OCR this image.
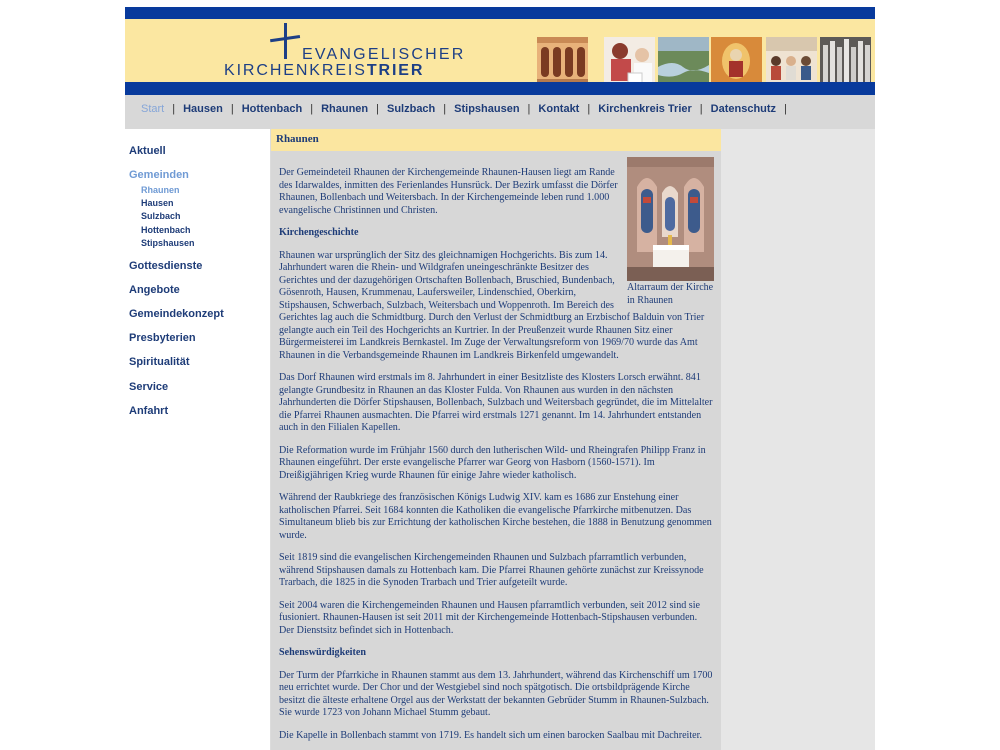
EVANGELISCHER
KIRCHENKREISTRIER
Start | Hausen | Hottenbach | Rhaunen | Sulzbach | Stipshausen | Kontakt | Kirchenkreis Trier | Datenschutz |
Aktuell
Gemeinden
Rhaunen
Hausen
Sulzbach
Hottenbach
Stipshausen
Gottesdienste
Angebote
Gemeindekonzept
Presbyterien
Spiritualität
Service
Anfahrt
Rhaunen
Altarraum der Kirche in Rhaunen

Der Gemeindeteil Rhaunen der Kirchengemeinde Rhaunen-Hausen liegt am Rande des Idarwaldes, inmitten des Ferienlandes Hunsrück. Der Bezirk umfasst die Dörfer Rhaunen, Bollenbach und Weitersbach. In der Kirchengemeinde leben rund 1.000 evangelische Christinnen und Christen.

Kirchengeschichte

Rhaunen war ursprünglich der Sitz des gleichnamigen Hochgerichts. Bis zum 14. Jahrhundert waren die Rhein- und Wildgrafen uneingeschränkte Besitzer des Gerichtes und der dazugehörigen Ortschaften Bollenbach, Bruschied, Bundenbach, Gösenroth, Hausen, Krummenau, Laufersweiler, Lindenschied, Oberkirn, Stipshausen, Schwerbach, Sulzbach, Weitersbach und Woppenroth. Im Bereich des Gerichtes lag auch die Schmidtburg. Durch den Verlust der Schmidtburg an Erzbischof Balduin von Trier gelangte auch ein Teil des Hochgerichts an Kurtrier. In der Preußenzeit wurde Rhaunen Sitz einer Bürgermeisterei im Landkreis Bernkastel. Im Zuge der Verwaltungsreform von 1969/70 wurde das Amt Rhaunen in die Verbandsgemeinde Rhaunen im Landkreis Birkenfeld umgewandelt.

Das Dorf Rhaunen wird erstmals im 8. Jahrhundert in einer Besitzliste des Klosters Lorsch erwähnt. 841 gelangte Grundbesitz in Rhaunen an das Kloster Fulda. Von Rhaunen aus wurden in den nächsten Jahrhunderten die Dörfer Stipshausen, Bollenbach, Sulzbach und Weitersbach gegründet, die im Mittelalter die Pfarrei Rhaunen ausmachten. Die Pfarrei wird erstmals 1271 genannt. Im 14. Jahrhundert entstanden auch in den Filialen Kapellen.

Die Reformation wurde im Frühjahr 1560 durch den lutherischen Wild- und Rheingrafen Philipp Franz in Rhaunen eingeführt. Der erste evangelische Pfarrer war Georg von Hasborn (1560-1571). Im Dreißigjährigen Krieg wurde Rhaunen für einige Jahre wieder katholisch.

Während der Raubkriege des französischen Königs Ludwig XIV. kam es 1686 zur Enstehung einer katholischen Pfarrei. Seit 1684 konnten die Katholiken die evangelische Pfarrkirche mitbenutzen. Das Simultaneum blieb bis zur Errichtung der katholischen Kirche bestehen, die 1888 in Benutzung genommen wurde.

Seit 1819 sind die evangelischen Kirchengemeinden Rhaunen und Sulzbach pfarramtlich verbunden, während Stipshausen damals zu Hottenbach kam. Die Pfarrei Rhaunen gehörte zunächst zur Kreissynode Trarbach, die 1825 in die Synoden Trarbach und Trier aufgeteilt wurde.

Seit 2004 waren die Kirchengemeinden Rhaunen und Hausen pfarramtlich verbunden, seit 2012 sind sie fusioniert. Rhaunen-Hausen ist seit 2011 mit der Kirchengemeinde Hottenbach-Stipshausen verbunden. Der Dienstsitz befindet sich in Hottenbach.

Sehenswürdigkeiten

Der Turm der Pfarrkiche in Rhaunen stammt aus dem 13. Jahrhundert, während das Kirchenschiff um 1700 neu errichtet wurde. Der Chor und der Westgiebel sind noch spätgotisch. Die ortsbildprägende Kirche besitzt die älteste erhaltene Orgel aus der Werkstatt der bekannten Gebrüder Stumm in Rhaunen-Sulzbach. Sie wurde 1723 von Johann Michael Stumm gebaut.

Die Kapelle in Bollenbach stammt von 1719. Es handelt sich um einen barocken Saalbau mit Dachreiter.
